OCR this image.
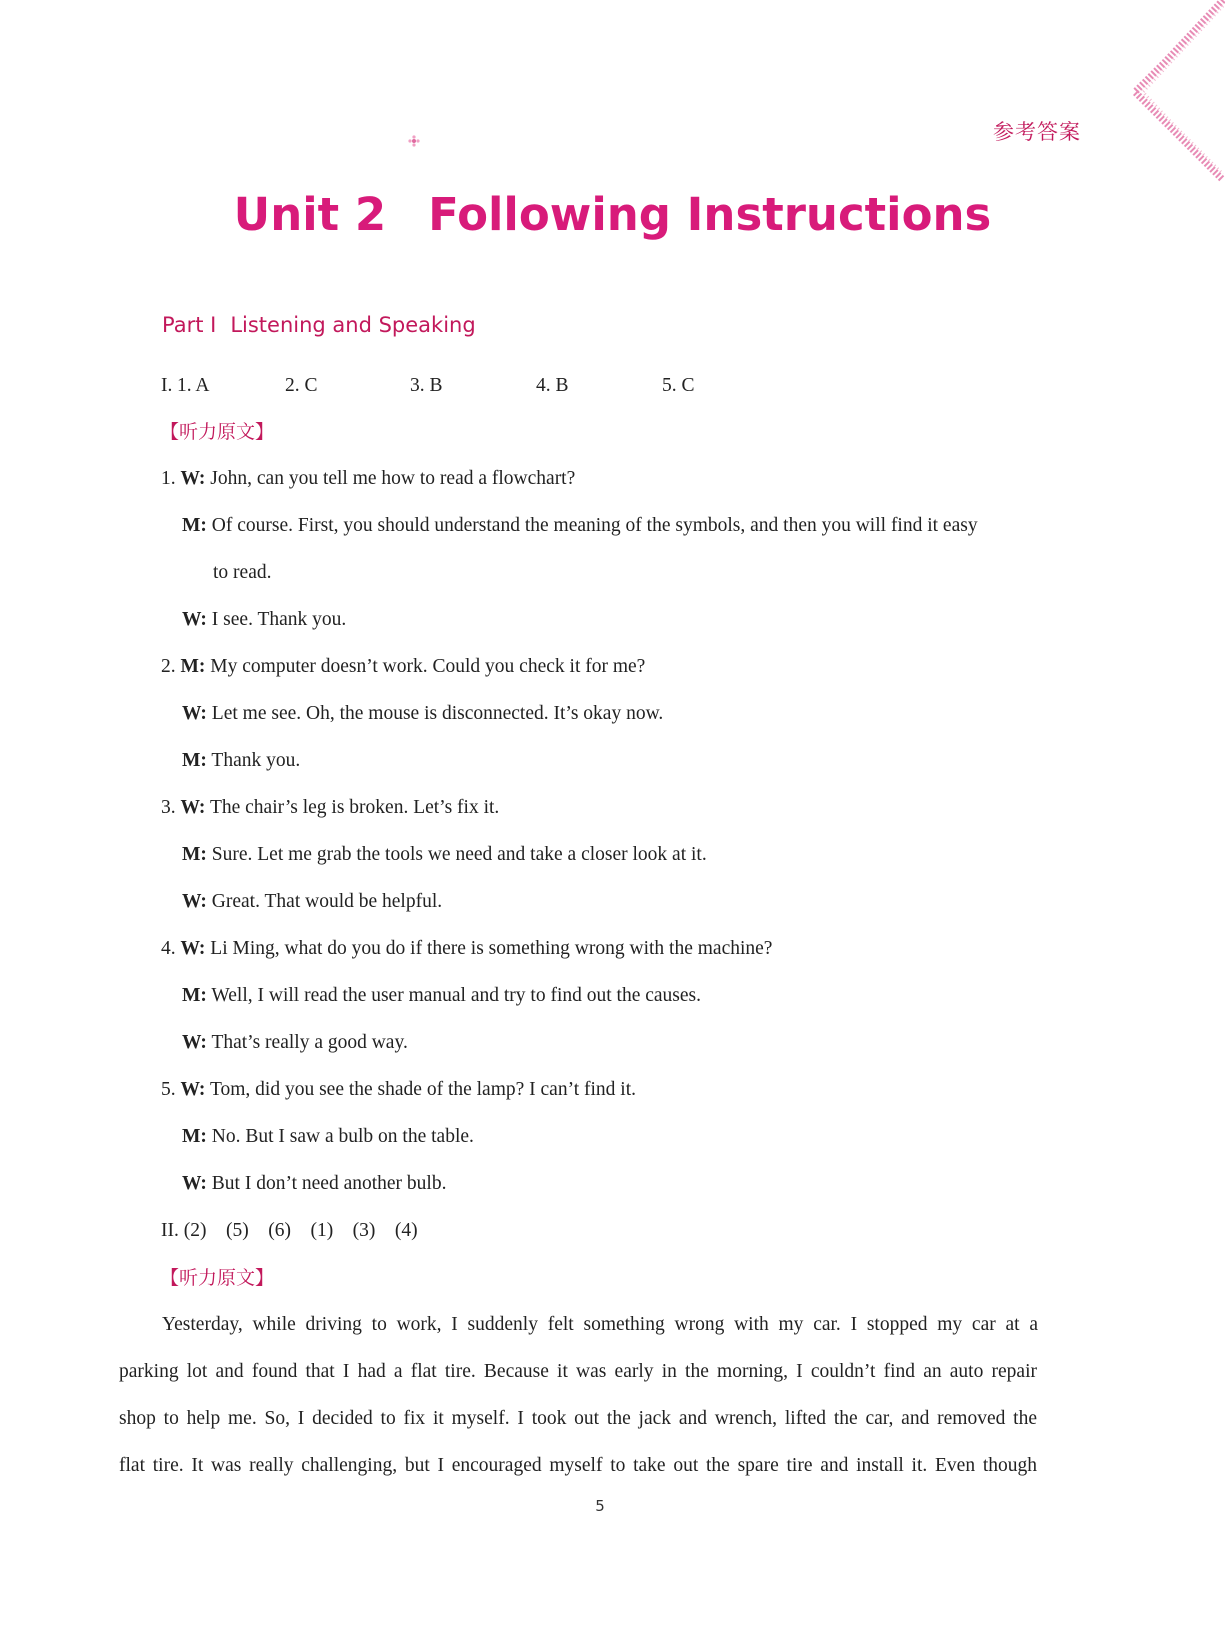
参考答案
Unit 2 Following Instructions
Part I Listening and Speaking
I. 1. A	2. C	3. B	4. B	5. C
【听力原文】
1. W: John, can you tell me how to read a flowchart?
M: Of course. First, you should understand the meaning of the symbols, and then you will find it easy
to read.
W: I see. Thank you.
2. M: My computer doesn’t work. Could you check it for me?
W: Let me see. Oh, the mouse is disconnected. It’s okay now.
M: Thank you.
3. W: The chair’s leg is broken. Let’s fix it.
M: Sure. Let me grab the tools we need and take a closer look at it.
W: Great. That would be helpful.
4. W: Li Ming, what do you do if there is something wrong with the machine?
M: Well, I will read the user manual and try to find out the causes.
W: That’s really a good way.
5. W: Tom, did you see the shade of the lamp? I can’t find it.
M: No. But I saw a bulb on the table.
W: But I don’t need another bulb.
II. (2)    (5)    (6)    (1)    (3)    (4)
【听力原文】
Yesterday, while driving to work, I suddenly felt something wrong with my car. I stopped my car at a
parking lot and found that I had a flat tire. Because it was early in the morning, I couldn’t find an auto repair
shop to help me. So, I decided to fix it myself. I took out the jack and wrench, lifted the car, and removed the
flat tire. It was really challenging, but I encouraged myself to take out the spare tire and install it. Even though
5
